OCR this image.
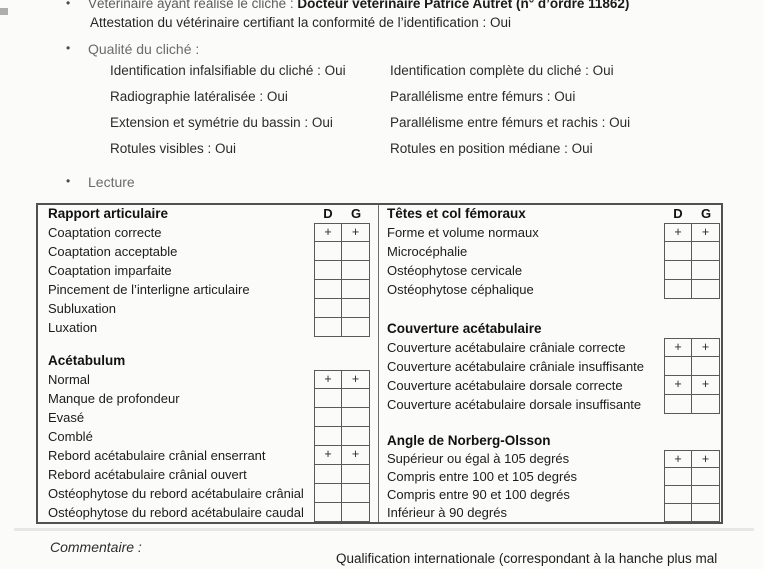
• Vétérinaire ayant réalisé le cliché : Docteur vétérinaire Patrice Autret (n° d’ordre 11862)
Attestation du vétérinaire certifiant la conformité de l’identification : Oui
• Qualité du cliché :
Identification infalsifiable du cliché : Oui	Identification complète du cliché : Oui
Radiographie latéralisée : Oui	Parallélisme entre fémurs : Oui
Extension et symétrie du bassin : Oui	Parallélisme entre fémurs et rachis : Oui
Rotules visibles : Oui	Rotules en position médiane : Oui
• Lecture
Rapport articulaire	D	G
Coaptation correcte	+	+
Coaptation acceptable
Coaptation imparfaite
Pincement de l’interligne articulaire
Subluxation
Luxation
Acétabulum
Normal	+	+
Manque de profondeur
Evasé
Comblé
Rebord acétabulaire crânial enserrant	+	+
Rebord acétabulaire crânial ouvert
Ostéophytose du rebord acétabulaire crânial
Ostéophytose du rebord acétabulaire caudal
Têtes et col fémoraux	D	G
Forme et volume normaux	+	+
Microcéphalie
Ostéophytose cervicale
Ostéophytose céphalique
Couverture acétabulaire
Couverture acétabulaire crâniale correcte	+	+
Couverture acétabulaire crâniale insuffisante
Couverture acétabulaire dorsale correcte	+	+
Couverture acétabulaire dorsale insuffisante
Angle de Norberg-Olsson
Supérieur ou égal à 105 degrés	+	+
Compris entre 100 et 105 degrés
Compris entre 90 et 100 degrés
Inférieur à 90 degrés
Commentaire :
Qualification internationale (correspondant à la hanche plus mal
